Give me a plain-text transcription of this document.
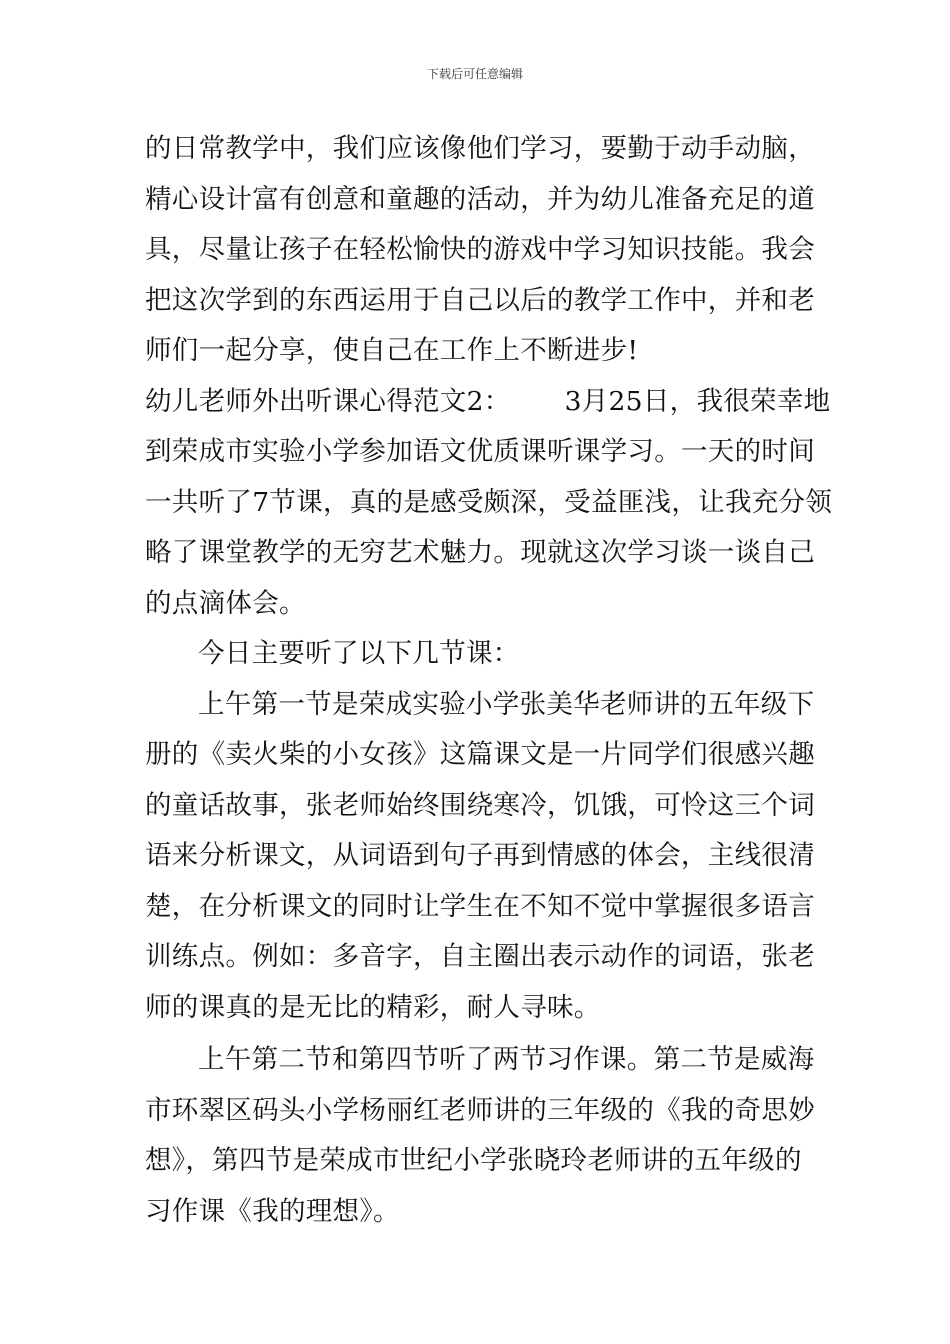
下载后可任意编辑
的日常教学中，我们应该像他们学习，要勤于动手动脑，
精心设计富有创意和童趣的活动，并为幼儿准备充足的道
具，尽量让孩子在轻松愉快的游戏中学习知识技能。我会
把这次学到的东西运用于自己以后的教学工作中，并和老
师们一起分享，使自己在工作上不断进步!
幼儿老师外出听课心得范文2： 3月25日，我很荣幸地
到荣成市实验小学参加语文优质课听课学习。一天的时间
一共听了7节课，真的是感受颇深，受益匪浅，让我充分领
略了课堂教学的无穷艺术魅力。现就这次学习谈一谈自己
的点滴体会。
今日主要听了以下几节课：
上午第一节是荣成实验小学张美华老师讲的五年级下
册的《卖火柴的小女孩》这篇课文是一片同学们很感兴趣
的童话故事，张老师始终围绕寒冷，饥饿，可怜这三个词
语来分析课文，从词语到句子再到情感的体会，主线很清
楚，在分析课文的同时让学生在不知不觉中掌握很多语言
训练点。例如：多音字，自主圈出表示动作的词语，张老
师的课真的是无比的精彩，耐人寻味。
上午第二节和第四节听了两节习作课。第二节是威海
市环翠区码头小学杨丽红老师讲的三年级的《我的奇思妙
想》，第四节是荣成市世纪小学张晓玲老师讲的五年级的
习作课《我的理想》。
